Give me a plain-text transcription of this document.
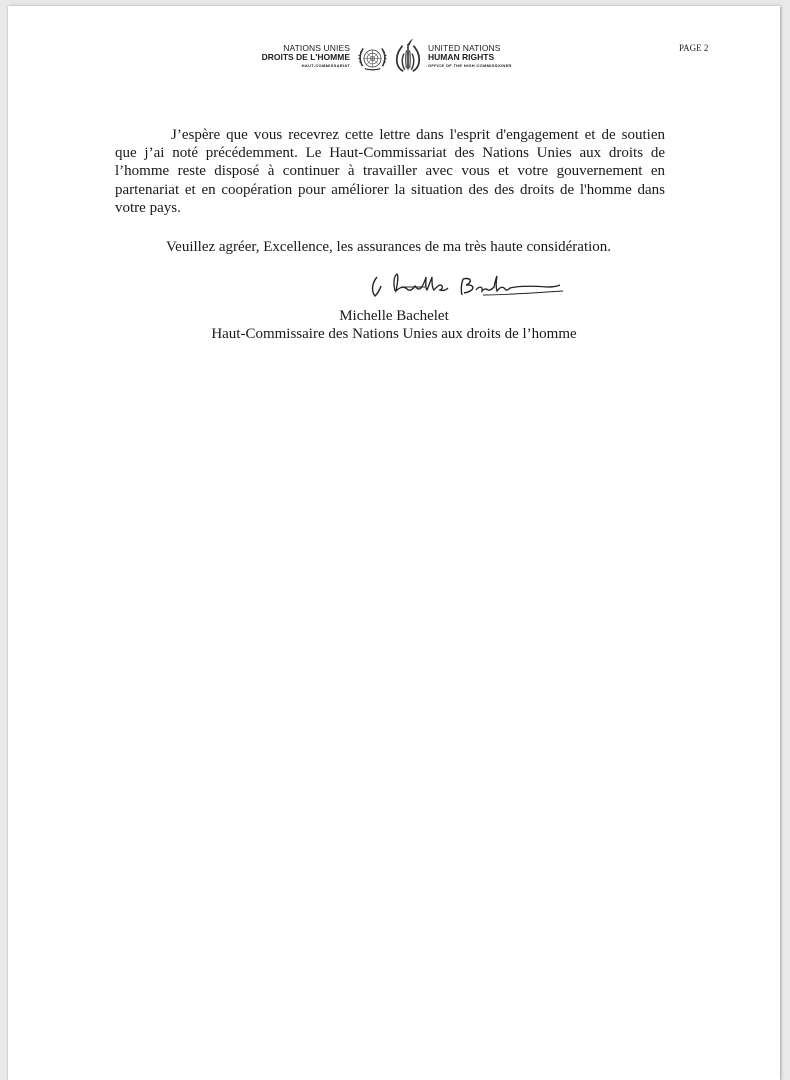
NATIONS UNIES
DROITS DE L'HOMME
HAUT-COMMISSARIAT
UNITED NATIONS
HUMAN RIGHTS
OFFICE OF THE HIGH COMMISSIONER
PAGE 2

J’espère que vous recevrez cette lettre dans l'esprit d'engagement et de soutien que j’ai noté précédemment. Le Haut-Commissariat des Nations Unies aux droits de l’homme reste disposé à continuer à travailler avec vous et votre gouvernement en partenariat et en coopération pour améliorer la situation des des droits de l'homme dans votre pays.

Veuillez agréer, Excellence, les assurances de ma très haute considération.
Michelle Bachelet
Haut-Commissaire des Nations Unies aux droits de l’homme
